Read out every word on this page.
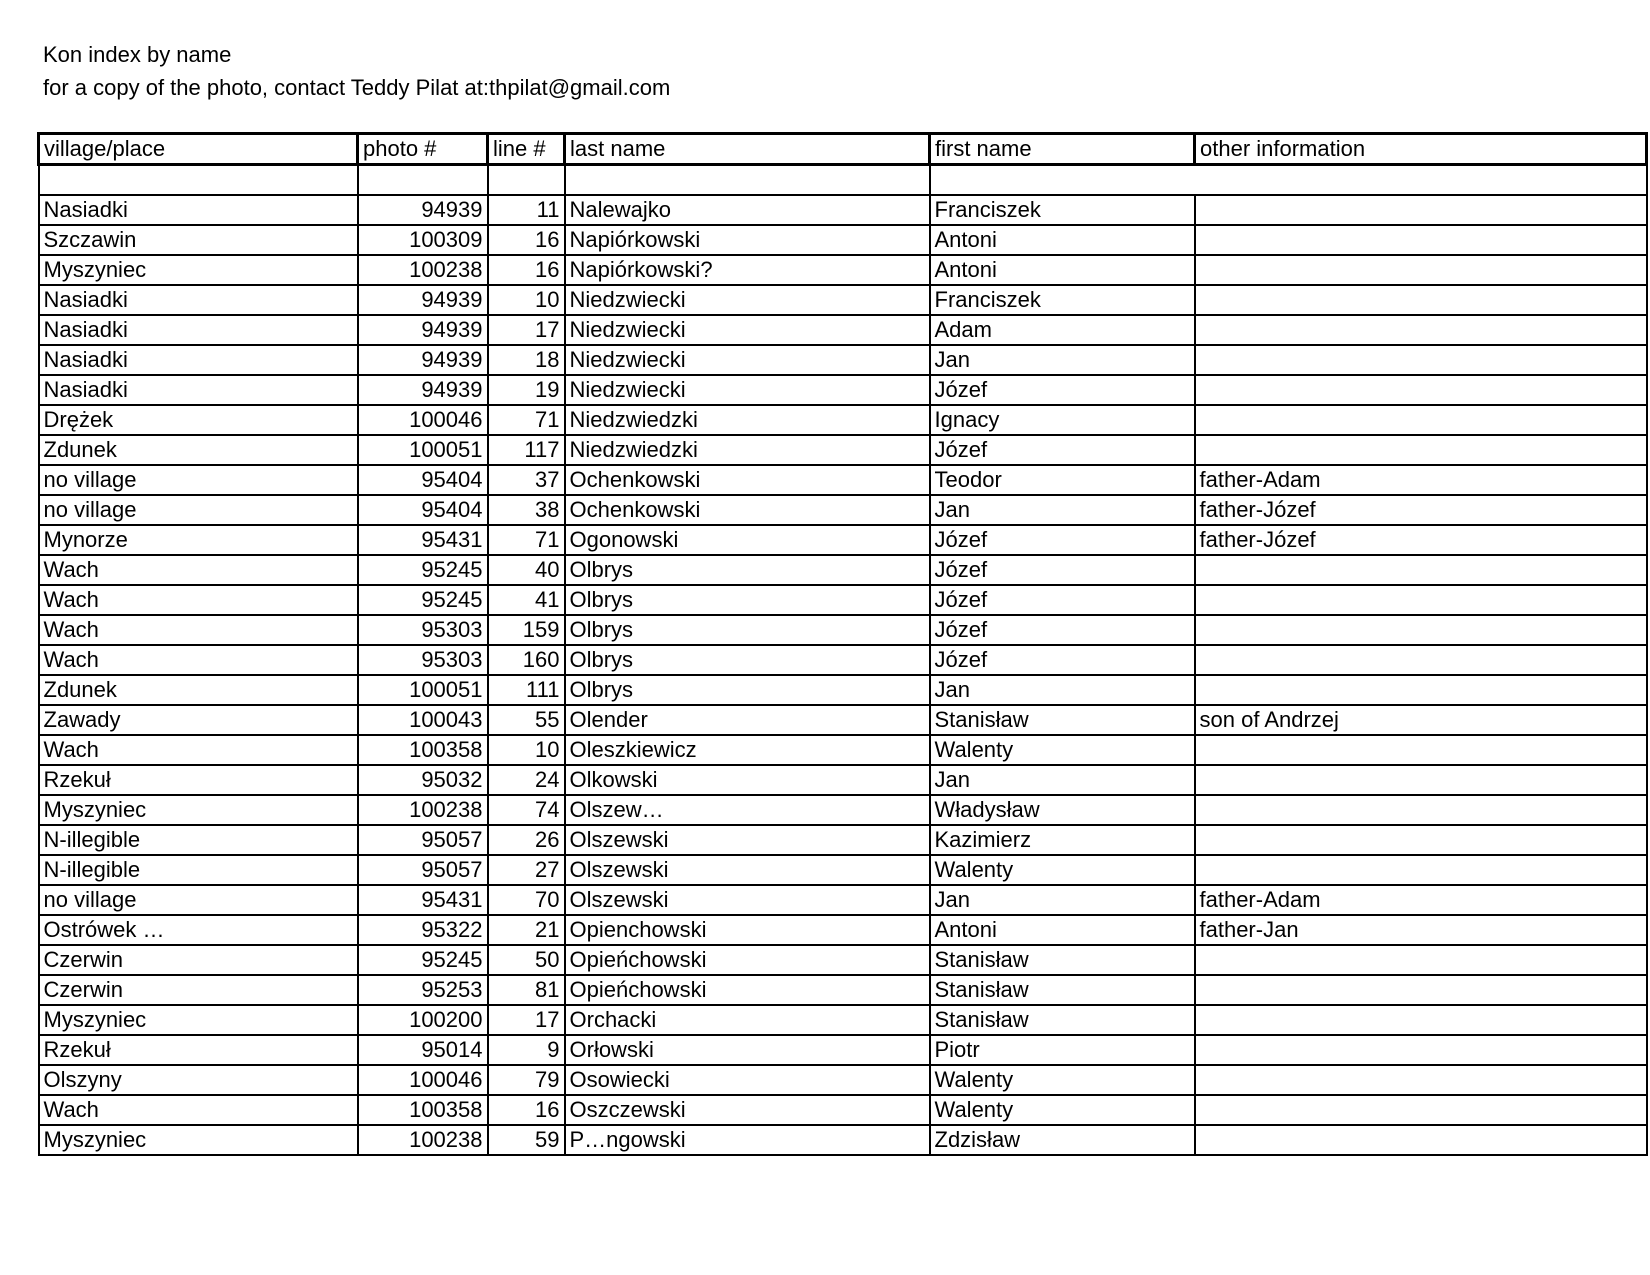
Kon index by name
for a copy of the photo, contact Teddy Pilat at:thpilat@gmail.com
village/place	photo #	line #	last name	first name	other information

Nasiadki	94939	11	Nalewajko	Franciszek	
Szczawin	100309	16	Napiórkowski	Antoni	
Myszyniec	100238	16	Napiórkowski?	Antoni	
Nasiadki	94939	10	Niedzwiecki	Franciszek	
Nasiadki	94939	17	Niedzwiecki	Adam	
Nasiadki	94939	18	Niedzwiecki	Jan	
Nasiadki	94939	19	Niedzwiecki	Józef	
Drężek	100046	71	Niedzwiedzki	Ignacy	
Zdunek	100051	117	Niedzwiedzki	Józef	
no village	95404	37	Ochenkowski	Teodor	father-Adam
no village	95404	38	Ochenkowski	Jan	father-Józef
Mynorze	95431	71	Ogonowski	Józef	father-Józef
Wach	95245	40	Olbrys	Józef	
Wach	95245	41	Olbrys	Józef	
Wach	95303	159	Olbrys	Józef	
Wach	95303	160	Olbrys	Józef	
Zdunek	100051	111	Olbrys	Jan	
Zawady	100043	55	Olender	Stanisław	son of Andrzej
Wach	100358	10	Oleszkiewicz	Walenty	
Rzekuł	95032	24	Olkowski	Jan	
Myszyniec	100238	74	Olszew…	Władysław	
N-illegible	95057	26	Olszewski	Kazimierz	
N-illegible	95057	27	Olszewski	Walenty	
no village	95431	70	Olszewski	Jan	father-Adam
Ostrówek …	95322	21	Opienchowski	Antoni	father-Jan
Czerwin	95245	50	Opieńchowski	Stanisław	
Czerwin	95253	81	Opieńchowski	Stanisław	
Myszyniec	100200	17	Orchacki	Stanisław	
Rzekuł	95014	9	Orłowski	Piotr	
Olszyny	100046	79	Osowiecki	Walenty	
Wach	100358	16	Oszczewski	Walenty	
Myszyniec	100238	59	P…ngowski	Zdzisław	
